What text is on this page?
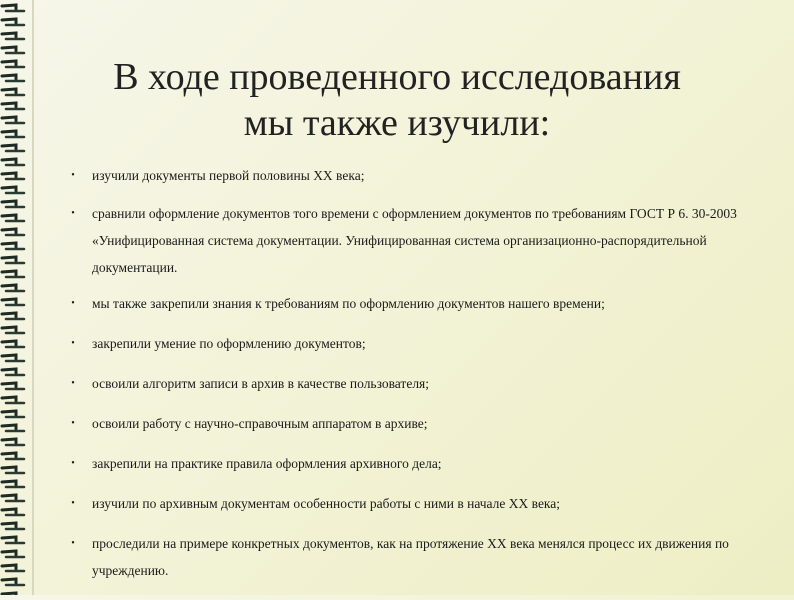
В ходе проведенного исследования
мы также изучили:
• изучили документы первой половины XX века;
• сравнили оформление документов того времени с оформлением документов по требованиям ГОСТ Р 6. 30-2003 «Унифицированная система документации. Унифицированная система организационно-распорядительной документации.
• мы также закрепили знания к требованиям по оформлению документов нашего времени;
• закрепили умение по оформлению документов;
• освоили алгоритм записи в архив в качестве пользователя;
• освоили работу с научно-справочным аппаратом в архиве;
• закрепили на практике правила оформления архивного дела;
• изучили по архивным документам особенности работы с ними в начале XX века;
• проследили на примере конкретных документов, как на протяжение XX века менялся процесс их движения по учреждению.
